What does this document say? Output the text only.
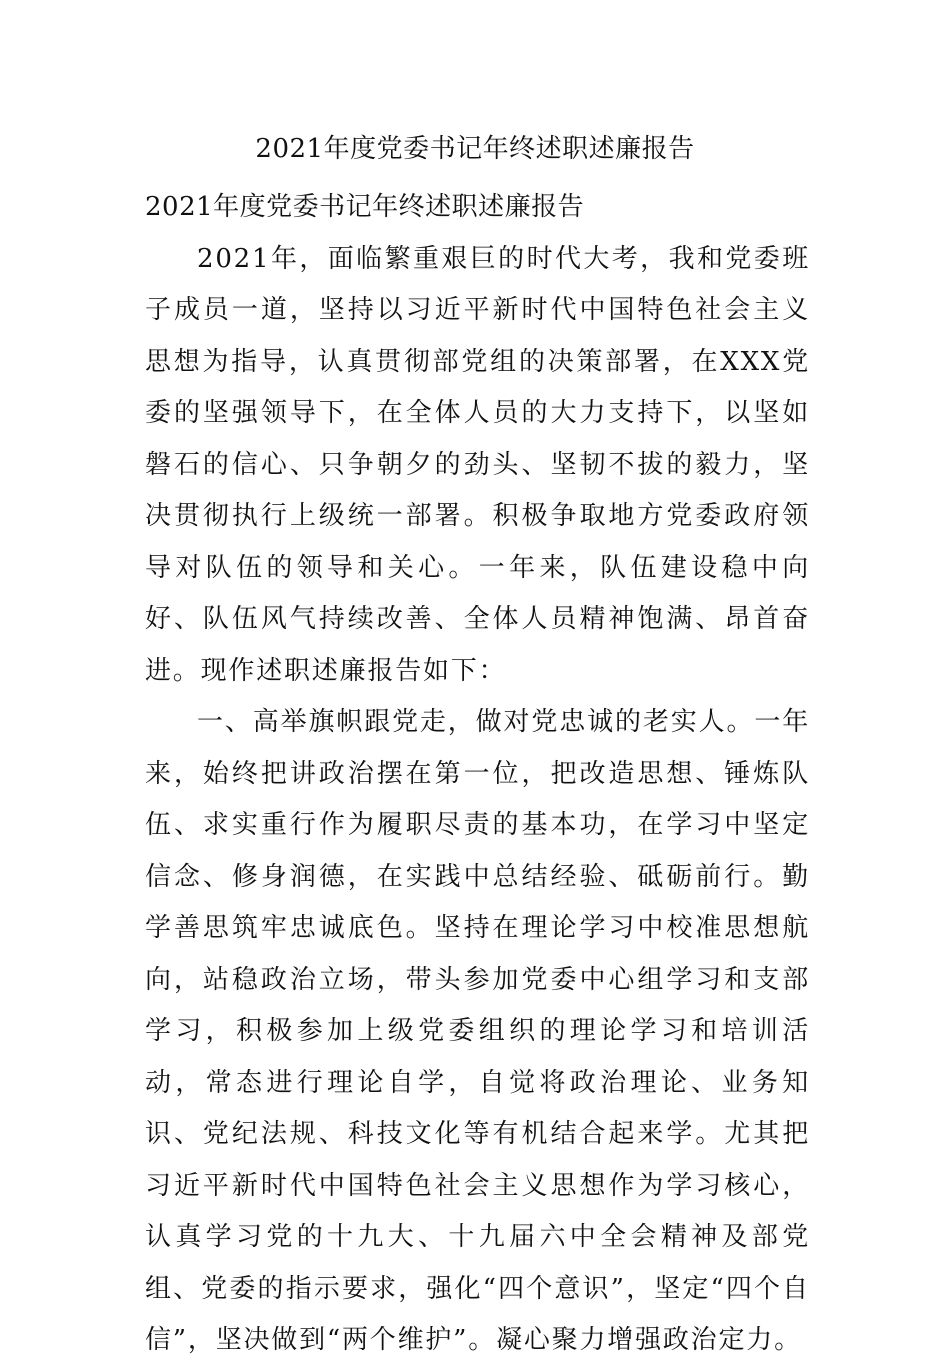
2021年度党委书记年终述职述廉报告

2021年度党委书记年终述职述廉报告

2021年，面临繁重艰巨的时代大考，我和党委班子成员一道，坚持以习近平新时代中国特色社会主义思想为指导，认真贯彻部党组的决策部署，在XXX党委的坚强领导下，在全体人员的大力支持下，以坚如磐石的信心、只争朝夕的劲头、坚韧不拔的毅力，坚决贯彻执行上级统一部署。积极争取地方党委政府领导对队伍的领导和关心。一年来，队伍建设稳中向好、队伍风气持续改善、全体人员精神饱满、昂首奋进。现作述职述廉报告如下：

一、高举旗帜跟党走，做对党忠诚的老实人。一年来，始终把讲政治摆在第一位，把改造思想、锤炼队伍、求实重行作为履职尽责的基本功，在学习中坚定信念、修身润德，在实践中总结经验、砥砺前行。勤学善思筑牢忠诚底色。坚持在理论学习中校准思想航向，站稳政治立场，带头参加党委中心组学习和支部学习，积极参加上级党委组织的理论学习和培训活动，常态进行理论自学，自觉将政治理论、业务知识、党纪法规、科技文化等有机结合起来学。尤其把习近平新时代中国特色社会主义思想作为学习核心，认真学习党的十九大、十九届六中全会精神及部党组、党委的指示要求，强化“四个意识”，坚定“四个自信”，坚决做到“两个维护”。凝心聚力增强政治定力。
